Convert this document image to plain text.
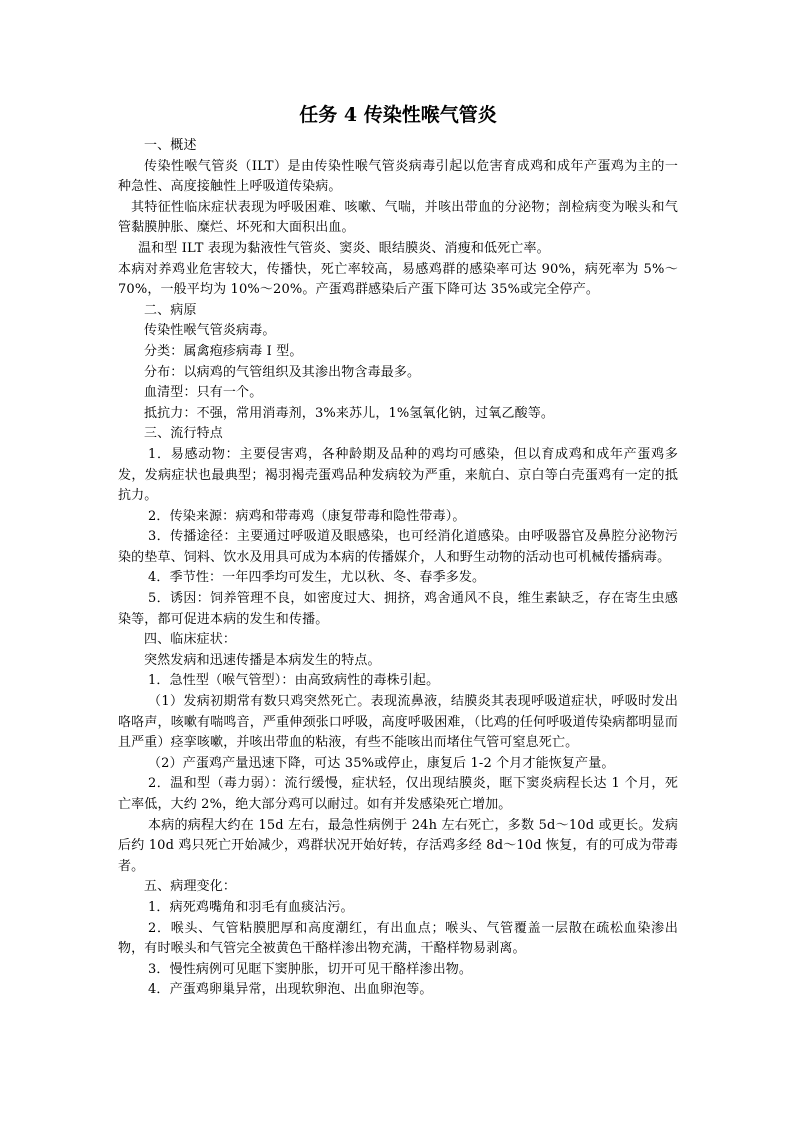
任务 4 传染性喉气管炎

一、概述

传染性喉气管炎（ILT）是由传染性喉气管炎病毒引起以危害育成鸡和成年产蛋鸡为主的一种急性、高度接触性上呼吸道传染病。

其特征性临床症状表现为呼吸困难、咳嗽、气喘，并咳出带血的分泌物；剖检病变为喉头和气管黏膜肿胀、糜烂、坏死和大面积出血。

温和型 ILT 表现为黏液性气管炎、窦炎、眼结膜炎、消瘦和低死亡率。

本病对养鸡业危害较大，传播快，死亡率较高，易感鸡群的感染率可达 90%，病死率为 5%～70%，一般平均为 10%～20%。产蛋鸡群感染后产蛋下降可达 35%或完全停产。

二、病原

传染性喉气管炎病毒。

分类：属禽疱疹病毒 I 型。

分布：以病鸡的气管组织及其渗出物含毒最多。

血清型：只有一个。

抵抗力：不强，常用消毒剂，3%来苏儿，1%氢氧化钠，过氧乙酸等。

三、流行特点

1．易感动物：主要侵害鸡，各种龄期及品种的鸡均可感染，但以育成鸡和成年产蛋鸡多发，发病症状也最典型；褐羽褐壳蛋鸡品种发病较为严重，来航白、京白等白壳蛋鸡有一定的抵抗力。

2．传染来源：病鸡和带毒鸡（康复带毒和隐性带毒）。

3．传播途径：主要通过呼吸道及眼感染，也可经消化道感染。由呼吸器官及鼻腔分泌物污染的垫草、饲料、饮水及用具可成为本病的传播媒介，人和野生动物的活动也可机械传播病毒。

4．季节性：一年四季均可发生，尤以秋、冬、春季多发。

5．诱因：饲养管理不良，如密度过大、拥挤，鸡舍通风不良，维生素缺乏，存在寄生虫感染等，都可促进本病的发生和传播。

四、临床症状：

突然发病和迅速传播是本病发生的特点。

1．急性型（喉气管型）：由高致病性的毒株引起。

（1）发病初期常有数只鸡突然死亡。表现流鼻液，结膜炎其表现呼吸道症状，呼吸时发出咯咯声，咳嗽有喘鸣音，严重伸颈张口呼吸，高度呼吸困难，（比鸡的任何呼吸道传染病都明显而且严重）痉挛咳嗽，并咳出带血的粘液，有些不能咳出而堵住气管可窒息死亡。

（2）产蛋鸡产量迅速下降，可达 35%或停止，康复后 1-2 个月才能恢复产量。

2．温和型（毒力弱）：流行缓慢，症状轻，仅出现结膜炎，眶下窦炎病程长达 1 个月，死亡率低，大约 2%，绝大部分鸡可以耐过。如有并发感染死亡增加。

本病的病程大约在 15d 左右，最急性病例于 24h 左右死亡，多数 5d～10d 或更长。发病后约 10d 鸡只死亡开始减少，鸡群状况开始好转，存活鸡多经 8d～10d 恢复，有的可成为带毒者。

五、病理变化：

1．病死鸡嘴角和羽毛有血痰沾污。

2．喉头、气管粘膜肥厚和高度潮红，有出血点；喉头、气管覆盖一层散在疏松血染渗出物，有时喉头和气管完全被黄色干酪样渗出物充满，干酪样物易剥离。

3．慢性病例可见眶下窦肿胀，切开可见干酪样渗出物。

4．产蛋鸡卵巢异常，出现软卵泡、出血卵泡等。
